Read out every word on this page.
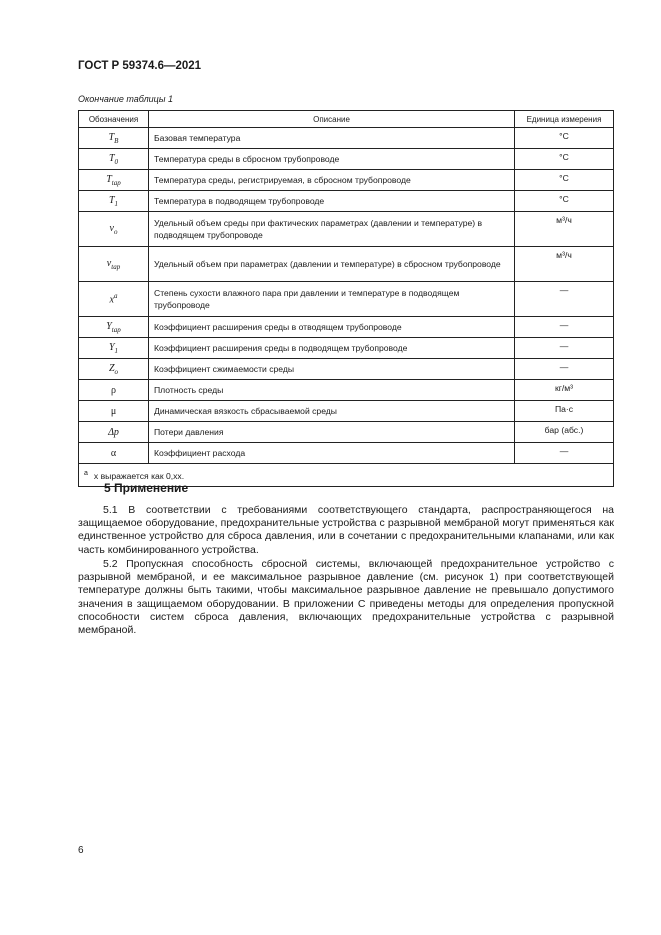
ГОСТ Р 59374.6—2021
Окончание таблицы 1
Обозначения	Описание	Единица измерения
$T_B$	Базовая температура	°C
$T_0$	Температура среды в сбросном трубопроводе	°C
$T_{tap}$	Температура среды, регистрируемая, в сбросном трубопроводе	°C
$T_1$	Температура в подводящем трубопроводе	°C
$v_o$	Удельный объем среды при фактических параметрах (давлении и температуре) в подводящем трубопроводе	м³/ч
$v_{tap}$	Удельный объем при параметрах (давлении и температуре) в сбросном трубопроводе	м³/ч
$x^a$	Степень сухости влажного пара при давлении и температуре в подводящем трубопроводе	—
$Y_{tap}$	Коэффициент расширения среды в отводящем трубопроводе	—
$Y_1$	Коэффициент расширения среды в подводящем трубопроводе	—
$Z_o$	Коэффициент сжимаемости среды	—
ρ	Плотность среды	кг/м³
μ	Динамическая вязкость сбрасываемой среды	Па·с
Δp	Потери давления	бар (абс.)
α	Коэффициент расхода	—
$^a$ x выражается как 0,хх.		
5 Применение
5.1 В соответствии с требованиями соответствующего стандарта, распространяющегося на защищаемое оборудование, предохранительные устройства с разрывной мембраной могут применяться как единственное устройство для сброса давления, или в сочетании с предохранительными клапанами, или как часть комбинированного устройства.
5.2 Пропускная способность сбросной системы, включающей предохранительное устройство с разрывной мембраной, и ее максимальное разрывное давление (см. рисунок 1) при соответствующей температуре должны быть такими, чтобы максимальное разрывное давление не превышало допустимого значения в защищаемом оборудовании. В приложении С приведены методы для определения пропускной способности систем сброса давления, включающих предохранительные устройства с разрывной мембраной.
6
